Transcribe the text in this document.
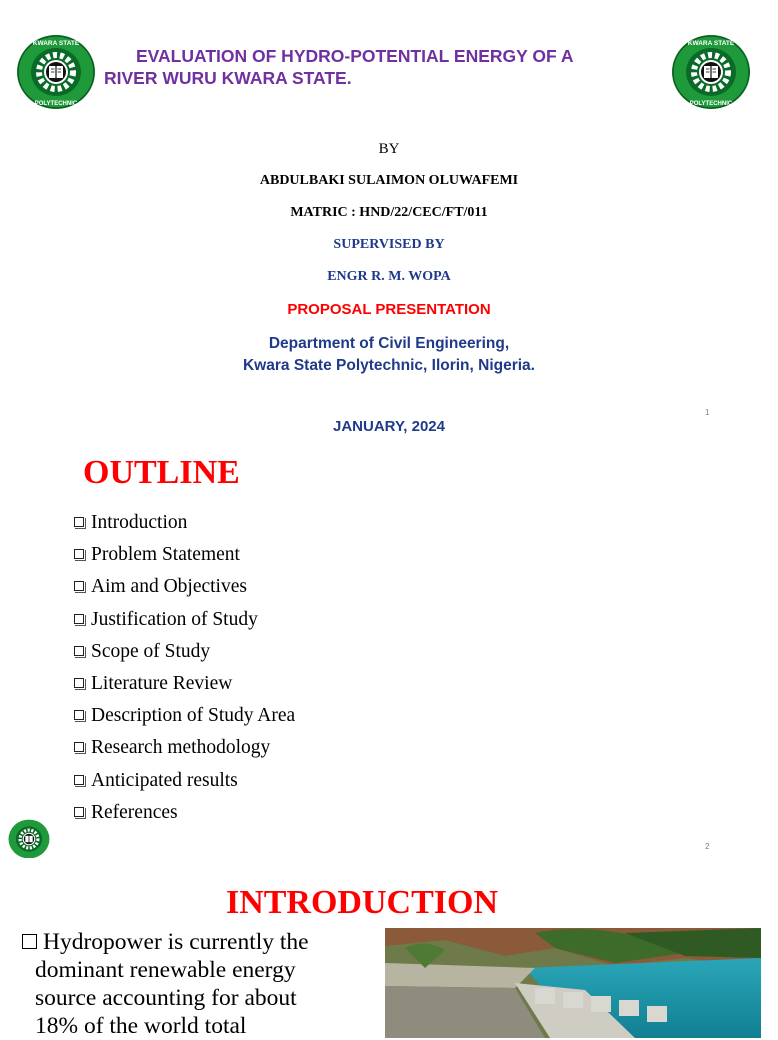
KWARA STATE
POLYTECHNIC
KWARA STATE
POLYTECHNIC
EVALUATION OF HYDRO-POTENTIAL ENERGY OF A
RIVER WURU KWARA STATE.
BY
ABDULBAKI SULAIMON OLUWAFEMI
MATRIC : HND/22/CEC/FT/011
SUPERVISED BY
ENGR R. M. WOPA
PROPOSAL PRESENTATION
Department of Civil Engineering,
Kwara State Polytechnic, Ilorin, Nigeria.
JANUARY, 2024
1
OUTLINE
Introduction
Problem Statement
Aim and Objectives
Justification of Study
Scope of Study
Literature Review
Description of Study Area
Research methodology
Anticipated results
References
2
INTRODUCTION
Hydropower is currently the
dominant renewable energy
source accounting for about
18% of the world total
